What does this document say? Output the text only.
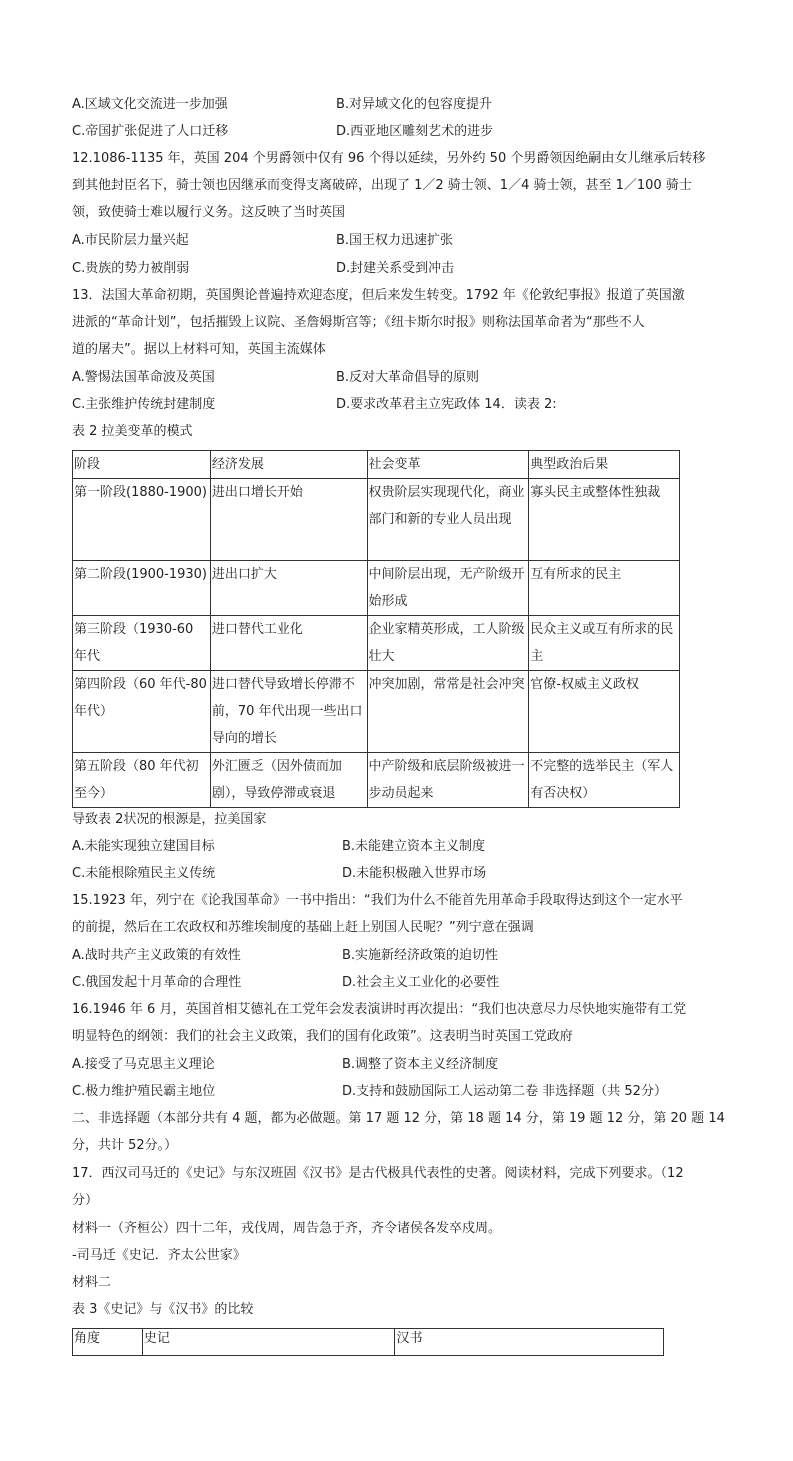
A.区域文化交流进一步加强	B.对异域文化的包容度提升
C.帝国扩张促进了人口迁移	D.西亚地区雕刻艺术的进步
12.1086-1135 年，英国 204 个男爵领中仅有 96 个得以延续，另外约 50 个男爵领因绝嗣由女儿继承后转移
到其他封臣名下，骑士领也因继承而变得支离破碎，出现了 1／2 骑士领、1／4 骑士领，甚至 1／100 骑士
领，致使骑士难以履行义务。这反映了当时英国
A.市民阶层力量兴起	B.国王权力迅速扩张
C.贵族的势力被削弱	D.封建关系受到冲击
13．法国大革命初期，英国舆论普遍持欢迎态度，但后来发生转变。1792 年《伦敦纪事报》报道了英国激
进派的“革命计划”，包括摧毁上议院、圣詹姆斯宫等；《纽卡斯尔时报》则称法国革命者为“那些不人
道的屠夫”。据以上材料可知，英国主流媒体
A.警惕法国革命波及英国	B.反对大革命倡导的原则
C.主张维护传统封建制度	D.要求改革君主立宪政体 14．读表 2:
表 2 拉美变革的模式
阶段	经济发展	社会变革	典型政治后果
第一阶段(1880-1900)	进出口增长开始	权贵阶层实现现代化，商业部门和新的专业人员出现	寡头民主或整体性独裁
第二阶段(1900-1930)	进出口扩大	中间阶层出现，无产阶级开始形成	互有所求的民主
第三阶段（1930-60 年代	进口替代工业化	企业家精英形成，工人阶级壮大	民众主义或互有所求的民主
第四阶段（60 年代-80年代）	进口替代导致增长停滞不前，70 年代出现一些出口导向的增长	冲突加剧，常常是社会冲突	官僚-权威主义政权
第五阶段（80 年代初至今）	外汇匮乏（因外债而加剧），导致停滞或衰退	中产阶级和底层阶级被进一步动员起来	不完整的选举民主（军人有否决权）
导致表 2状况的根源是，拉美国家
A.未能实现独立建国目标	B.未能建立资本主义制度
C.未能根除殖民主义传统	D.未能积极融入世界市场
15.1923 年，列宁在《论我国革命》一书中指出：“我们为什么不能首先用革命手段取得达到这个一定水平
的前提，然后在工农政权和苏维埃制度的基础上赶上别国人民呢？”列宁意在强调
A.战时共产主义政策的有效性	B.实施新经济政策的迫切性
C.俄国发起十月革命的合理性	D.社会主义工业化的必要性
16.1946 年 6 月，英国首相艾德礼在工党年会发表演讲时再次提出：“我们也决意尽力尽快地实施带有工党
明显特色的纲领：我们的社会主义政策，我们的国有化政策”。这表明当时英国工党政府
A.接受了马克思主义理论	B.调整了资本主义经济制度
C.极力维护殖民霸主地位	D.支持和鼓励国际工人运动第二卷 非选择题（共 52分）
二、非选择题（本部分共有 4 题，都为必做题。第 17 题 12 分，第 18 题 14 分，第 19 题 12 分，第 20 题 14
分，共计 52分。）
17．西汉司马迁的《史记》与东汉班固《汉书》是古代极具代表性的史著。阅读材料，完成下列要求。（12
分）
材料一（齐桓公）四十二年，戎伐周，周告急于齐，齐令诸侯各发卒戍周。
-司马迁《史记．齐太公世家》
材料二
表 3《史记》与《汉书》的比较
角度	史记	汉书
